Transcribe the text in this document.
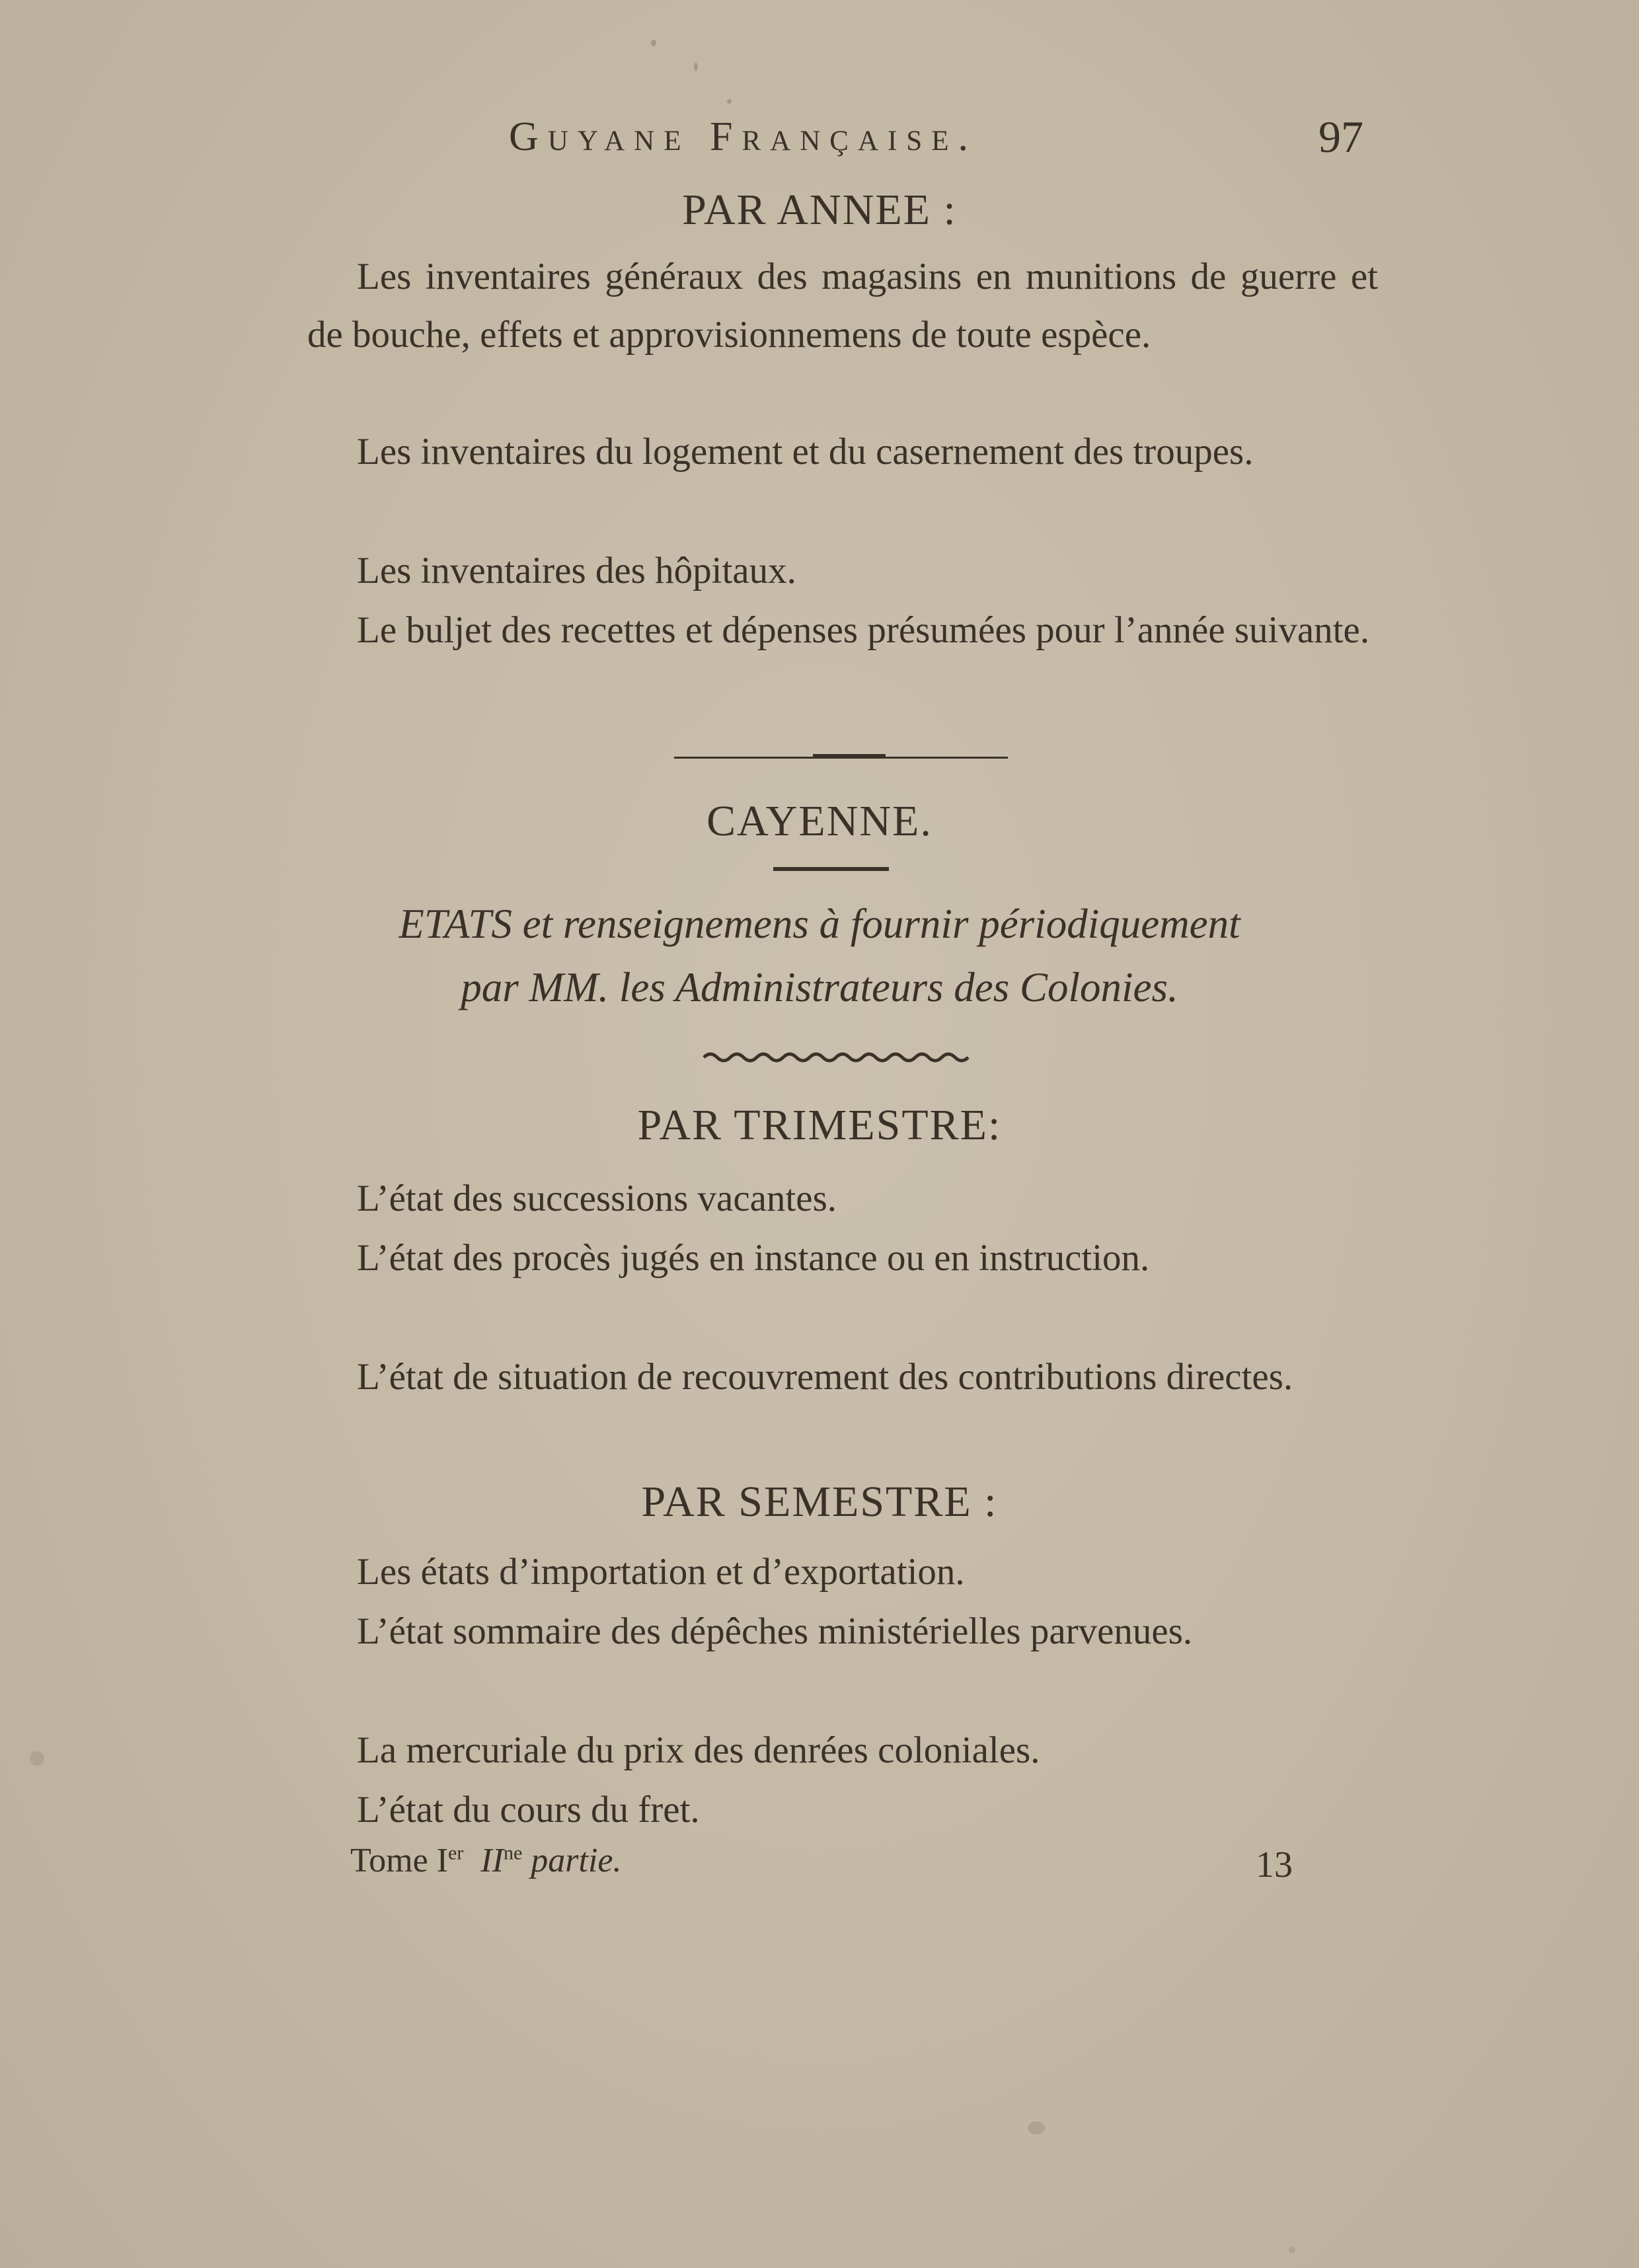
Guyane Française.	97
PAR ANNEE :

Les inventaires généraux des magasins en munitions de guerre et de bouche, effets et approvisionnemens de toute espèce.

Les inventaires du logement et du casernement des troupes.

Les inventaires des hôpitaux.

Le buljet des recettes et dépenses présumées pour l’année suivante.

CAYENNE.
ETATS et renseignemens à fournir périodiquement
par MM. les Administrateurs des Colonies.
PAR TRIMESTRE:

L’état des successions vacantes.

L’état des procès jugés en instance ou en instruction.

L’état de situation de recouvrement des contributions directes.

PAR SEMESTRE :

Les états d’importation et d’exportation.

L’état sommaire des dépêches ministérielles parvenues.

La mercuriale du prix des denrées coloniales.

L’état du cours du fret.

Tome Ier $II^{ne}$ partie.	13
